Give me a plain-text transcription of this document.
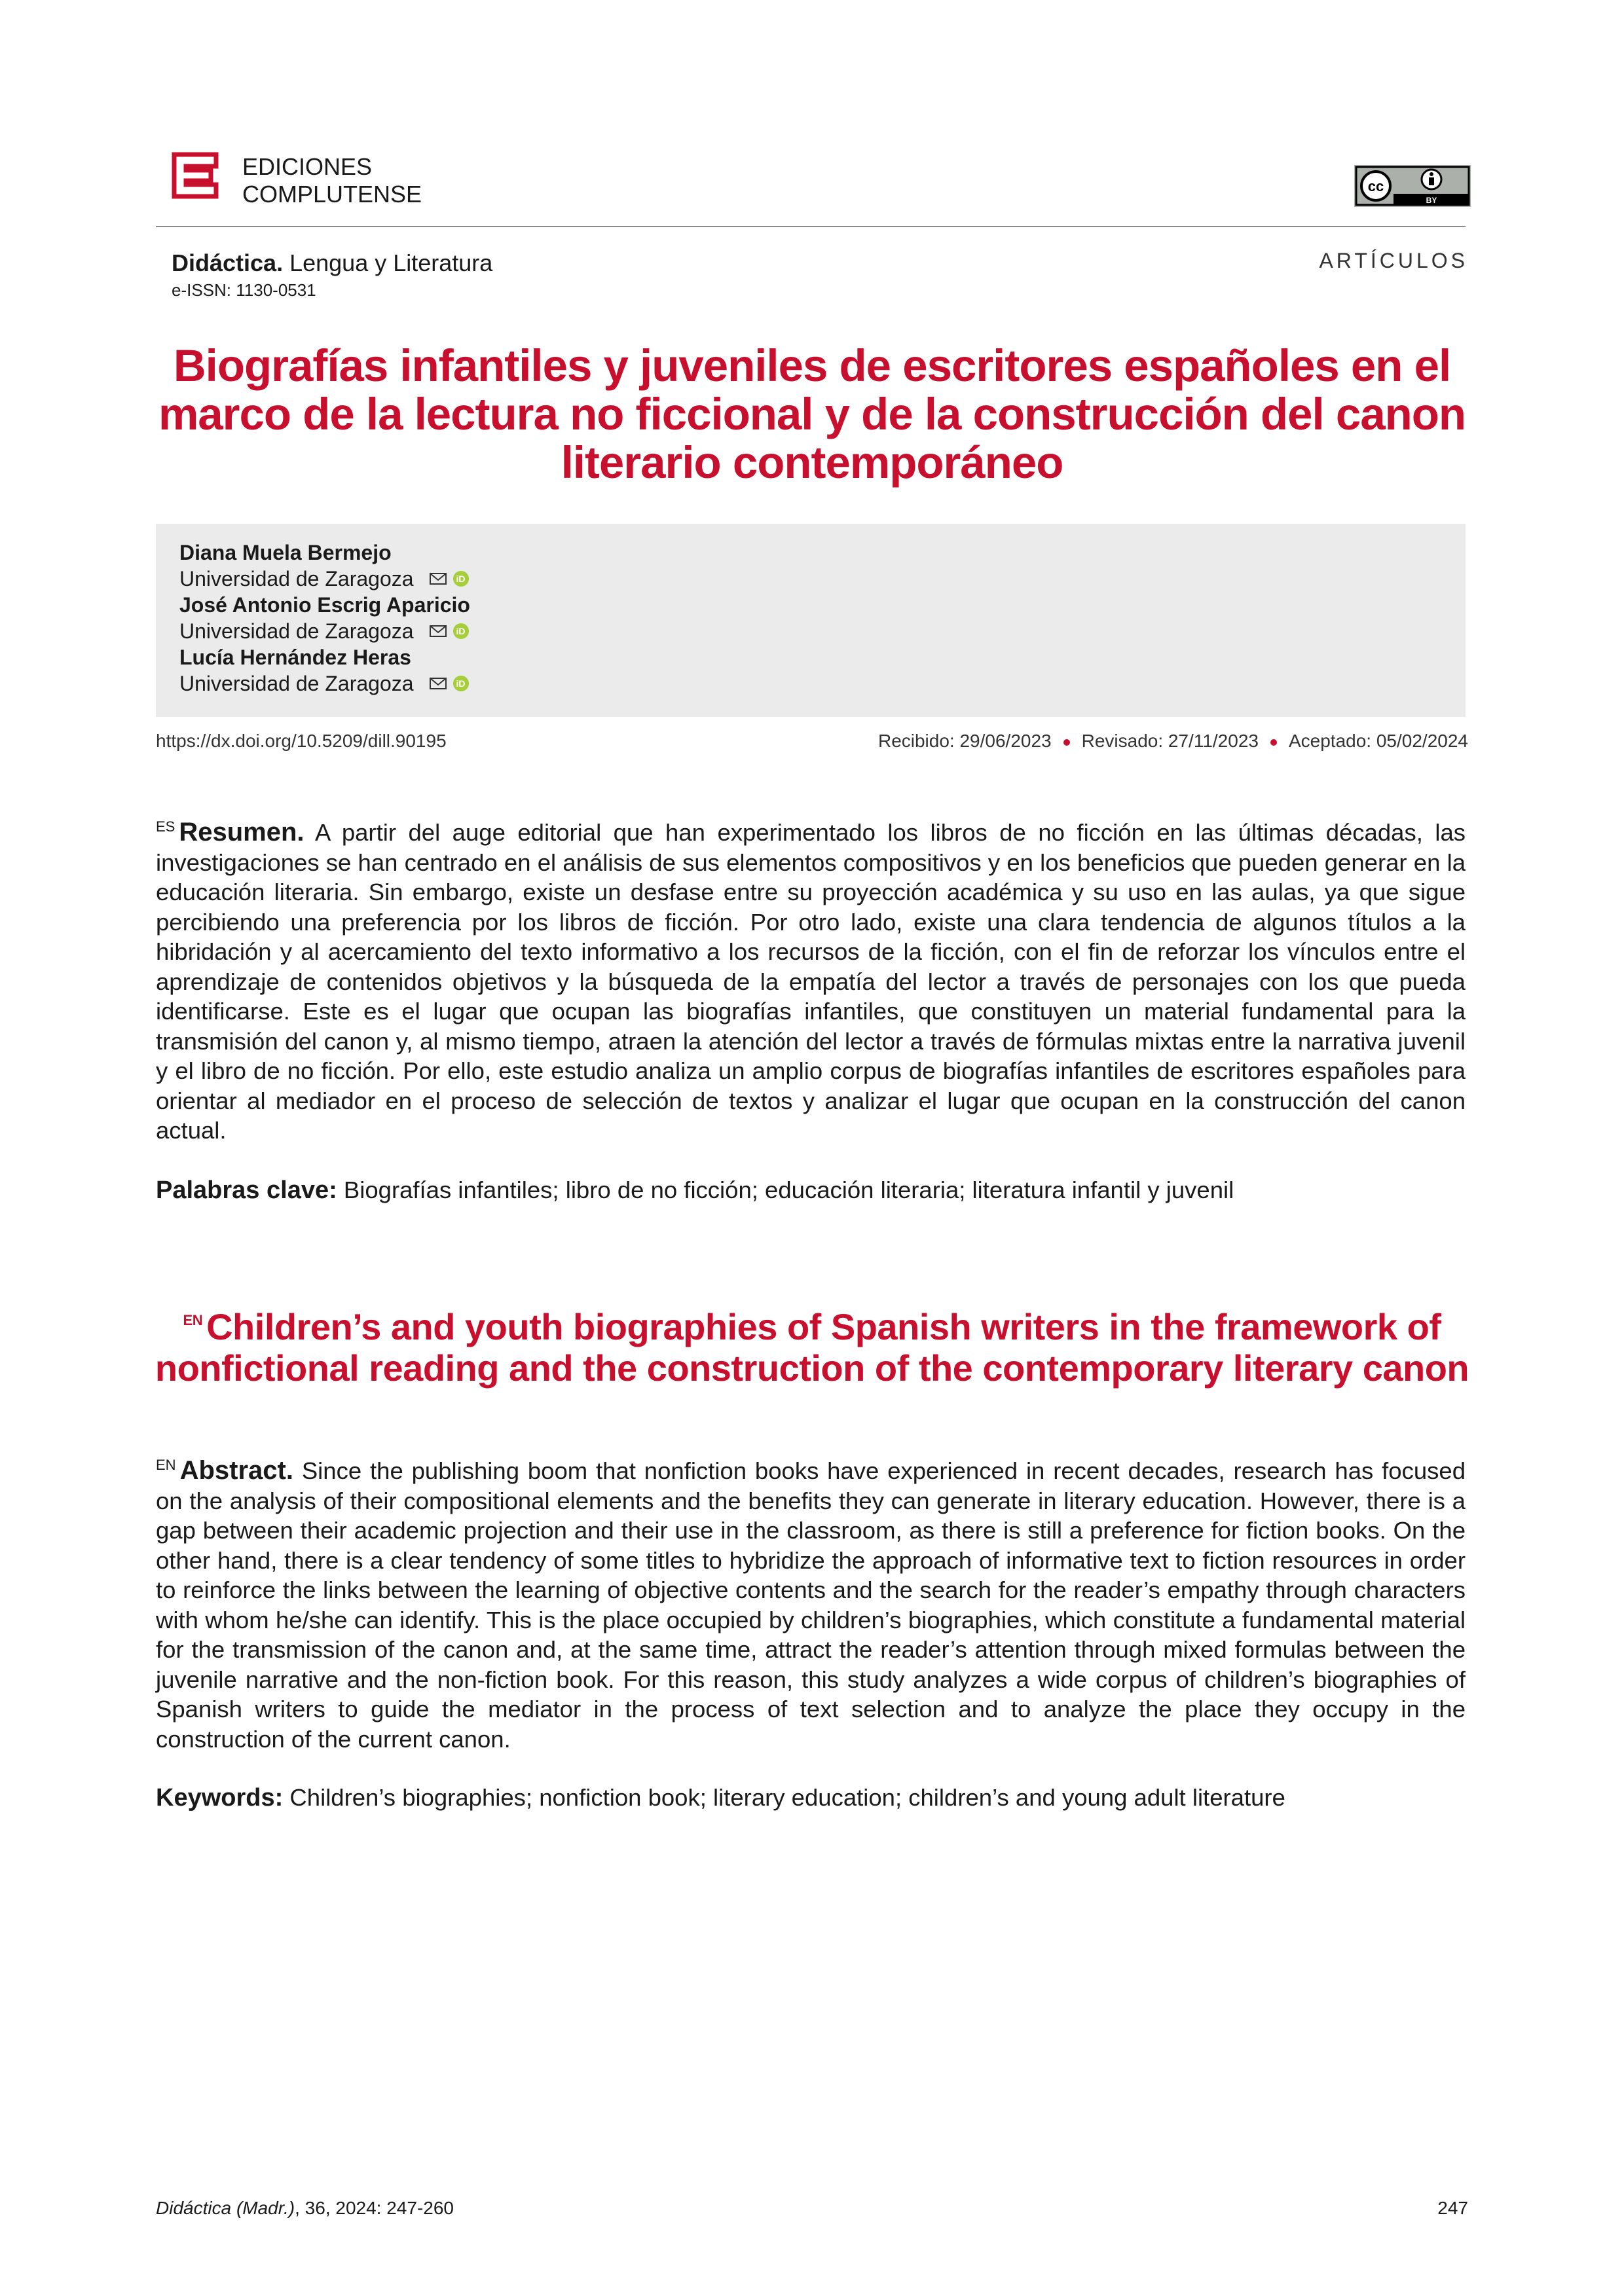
EDICIONES
COMPLUTENSE	cc
BY
Didáctica. Lengua y Literatura
e-ISSN: 1130-0531
ARTÍCULOS
Biografías infantiles y juveniles de escritores españoles en el marco de la lectura no ficcional y de la construcción del canon literario contemporáneo
Diana Muela Bermejo
Universidad de Zaragoza	iD
José Antonio Escrig Aparicio
Universidad de Zaragoza	iD
Lucía Hernández Heras
Universidad de Zaragoza	iD
https://dx.doi.org/10.5209/dill.90195	Recibido: 29/06/2023 Revisado: 27/11/2023 Aceptado: 05/02/2024
$^{ES}$ Resumen. A partir del auge editorial que han experimentado los libros de no ficción en las últimas décadas, las investigaciones se han centrado en el análisis de sus elementos compositivos y en los beneficios que pueden generar en la educación literaria. Sin embargo, existe un desfase entre su proyección académica y su uso en las aulas, ya que sigue percibiendo una preferencia por los libros de ficción. Por otro lado, existe una clara tendencia de algunos títulos a la hibridación y al acercamiento del texto informativo a los recursos de la ficción, con el fin de reforzar los vínculos entre el aprendizaje de contenidos objetivos y la búsqueda de la empatía del lector a través de personajes con los que pueda identificarse. Este es el lugar que ocupan las biografías infantiles, que constituyen un material fundamental para la transmisión del canon y, al mismo tiempo, atraen la atención del lector a través de fórmulas mixtas entre la narrativa juvenil y el libro de no ficción. Por ello, este estudio analiza un amplio corpus de biografías infantiles de escritores españoles para orientar al mediador en el proceso de selección de textos y analizar el lugar que ocupan en la construcción del canon actual.
Palabras clave: Biografías infantiles; libro de no ficción; educación literaria; literatura infantil y juvenil
$^{EN}$ Children’s and youth biographies of Spanish writers in the framework of nonfictional reading and the construction of the contemporary literary canon
$^{EN}$ Abstract. Since the publishing boom that nonfiction books have experienced in recent decades, research has focused on the analysis of their compositional elements and the benefits they can generate in literary education. However, there is a gap between their academic projection and their use in the classroom, as there is still a preference for fiction books. On the other hand, there is a clear tendency of some titles to hybridize the approach of informative text to fiction resources in order to reinforce the links between the learning of objective contents and the search for the reader’s empathy through characters with whom he/she can identify. This is the place occupied by children’s biographies, which constitute a fundamental material for the transmission of the canon and, at the same time, attract the reader’s attention through mixed formulas between the juvenile narrative and the non-fiction book. For this reason, this study analyzes a wide corpus of children’s biographies of Spanish writers to guide the mediator in the process of text selection and to analyze the place they occupy in the construction of the current canon.
Keywords: Children’s biographies; nonfiction book; literary education; children’s and young adult literature
Didáctica (Madr.), 36, 2024: 247-260	247
